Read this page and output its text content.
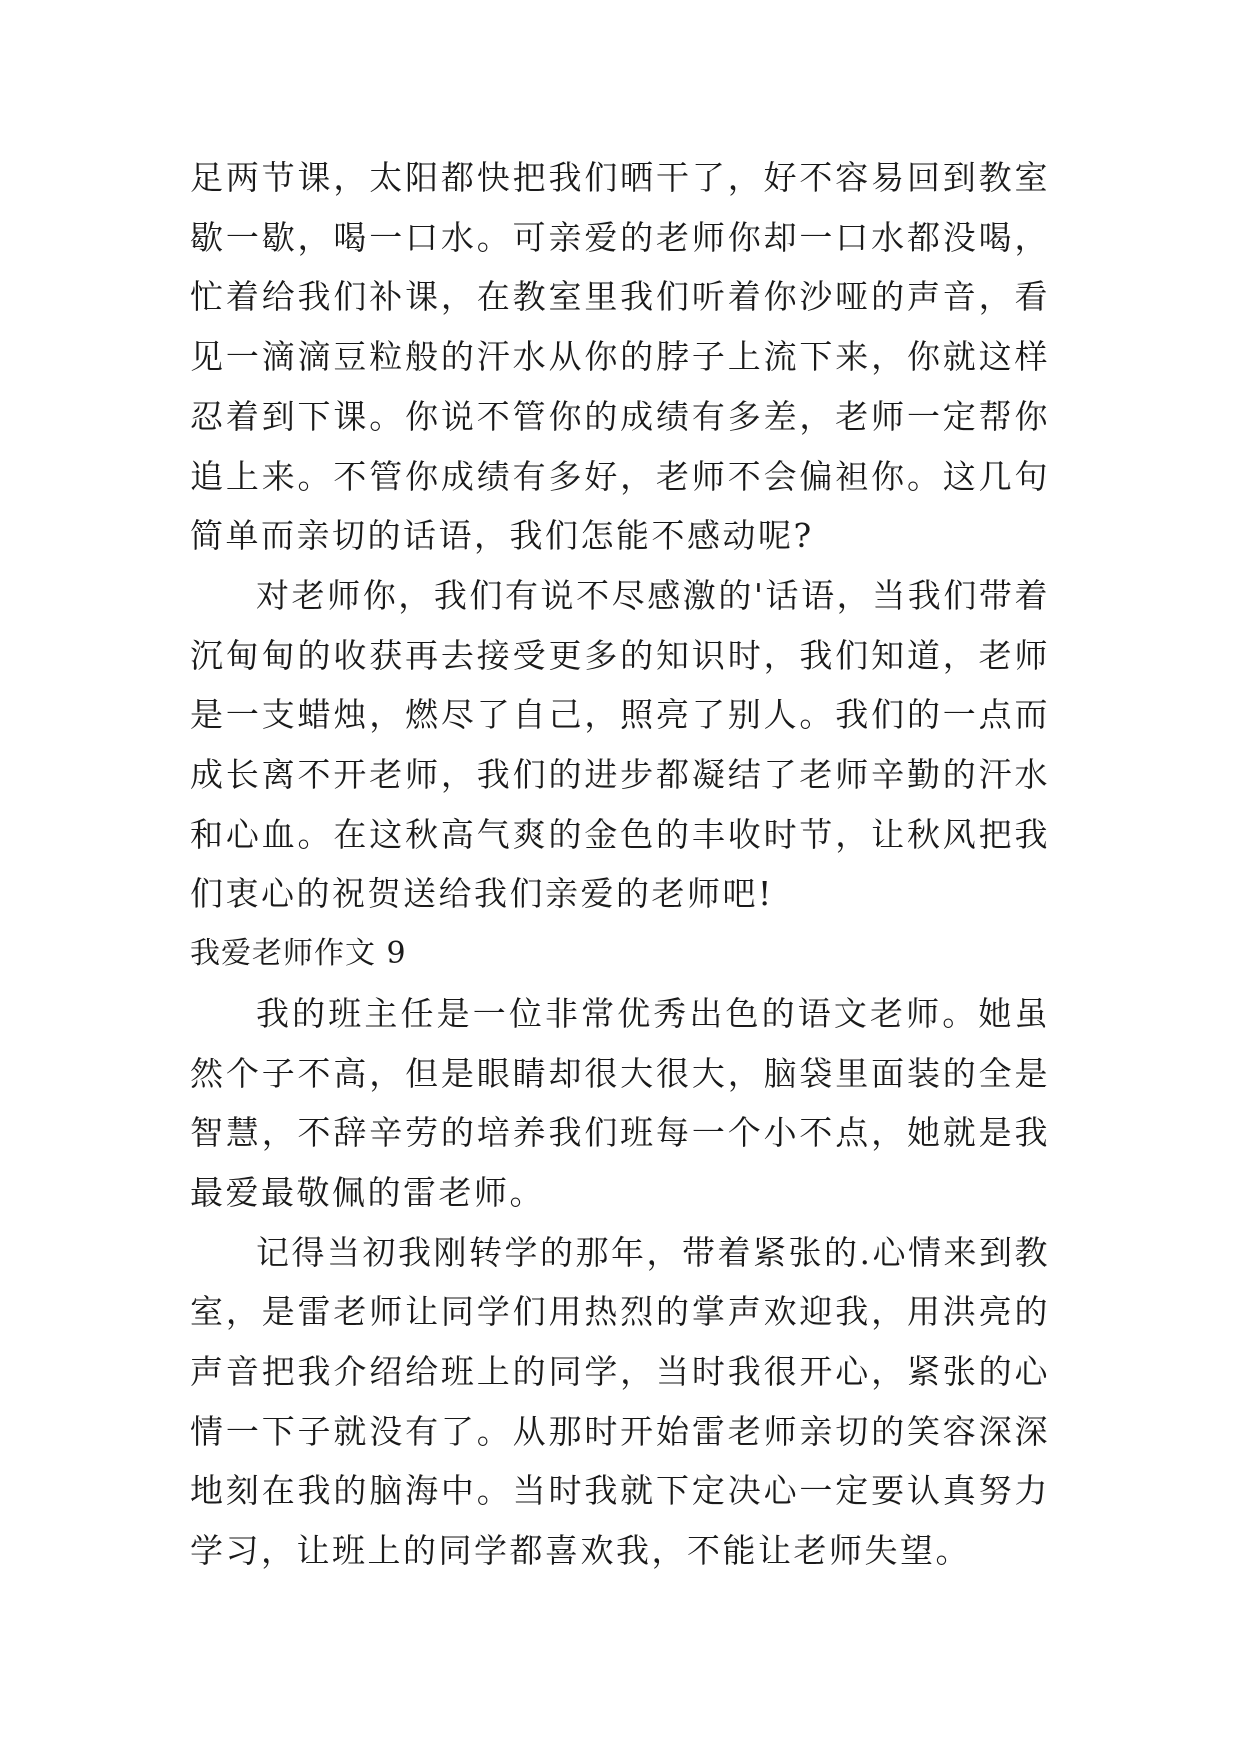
足两节课，太阳都快把我们晒干了，好不容易回到教室歇一歇，喝一口水。可亲爱的老师你却一口水都没喝，忙着给我们补课，在教室里我们听着你沙哑的声音，看见一滴滴豆粒般的汗水从你的脖子上流下来，你就这样忍着到下课。你说不管你的成绩有多差，老师一定帮你追上来。不管你成绩有多好，老师不会偏袒你。这几句简单而亲切的话语，我们怎能不感动呢?

对老师你，我们有说不尽感激的'话语，当我们带着沉甸甸的收获再去接受更多的知识时，我们知道，老师是一支蜡烛，燃尽了自己，照亮了别人。我们的一点而成长离不开老师，我们的进步都凝结了老师辛勤的汗水和心血。在这秋高气爽的金色的丰收时节，让秋风把我们衷心的祝贺送给我们亲爱的老师吧!

我爱老师作文 9

我的班主任是一位非常优秀出色的语文老师。她虽然个子不高，但是眼睛却很大很大，脑袋里面装的全是智慧，不辞辛劳的培养我们班每一个小不点，她就是我最爱最敬佩的雷老师。

记得当初我刚转学的那年，带着紧张的.心情来到教室，是雷老师让同学们用热烈的掌声欢迎我，用洪亮的声音把我介绍给班上的同学，当时我很开心，紧张的心情一下子就没有了。从那时开始雷老师亲切的笑容深深地刻在我的脑海中。当时我就下定决心一定要认真努力学习，让班上的同学都喜欢我，不能让老师失望。
